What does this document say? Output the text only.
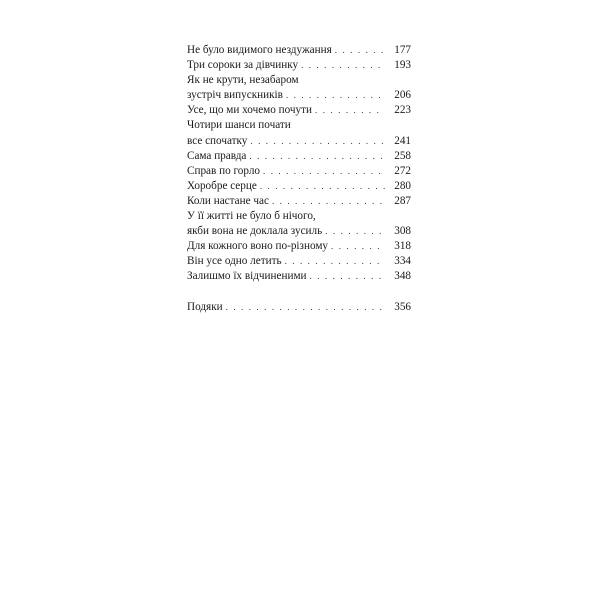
Не було видимого нездужання . . .	177
Три сороки за дівчинку . . .	193
Як не крути, незабаром
зустріч випускників . . .	206
Усе, що ми хочемо почути . . .	223
Чотири шанси почати
все спочатку . . .	241
Сама правда . . .	258
Справ по горло . . .	272
Хоробре серце . . .	280
Коли настане час . . .	287
У її житті не було б нічого,
якби вона не доклала зусиль . . .	308
Для кожного воно по-різному . . .	318
Він усе одно летить . . .	334
Залишмо їх відчиненими . . .	348
Подяки . . .	356
